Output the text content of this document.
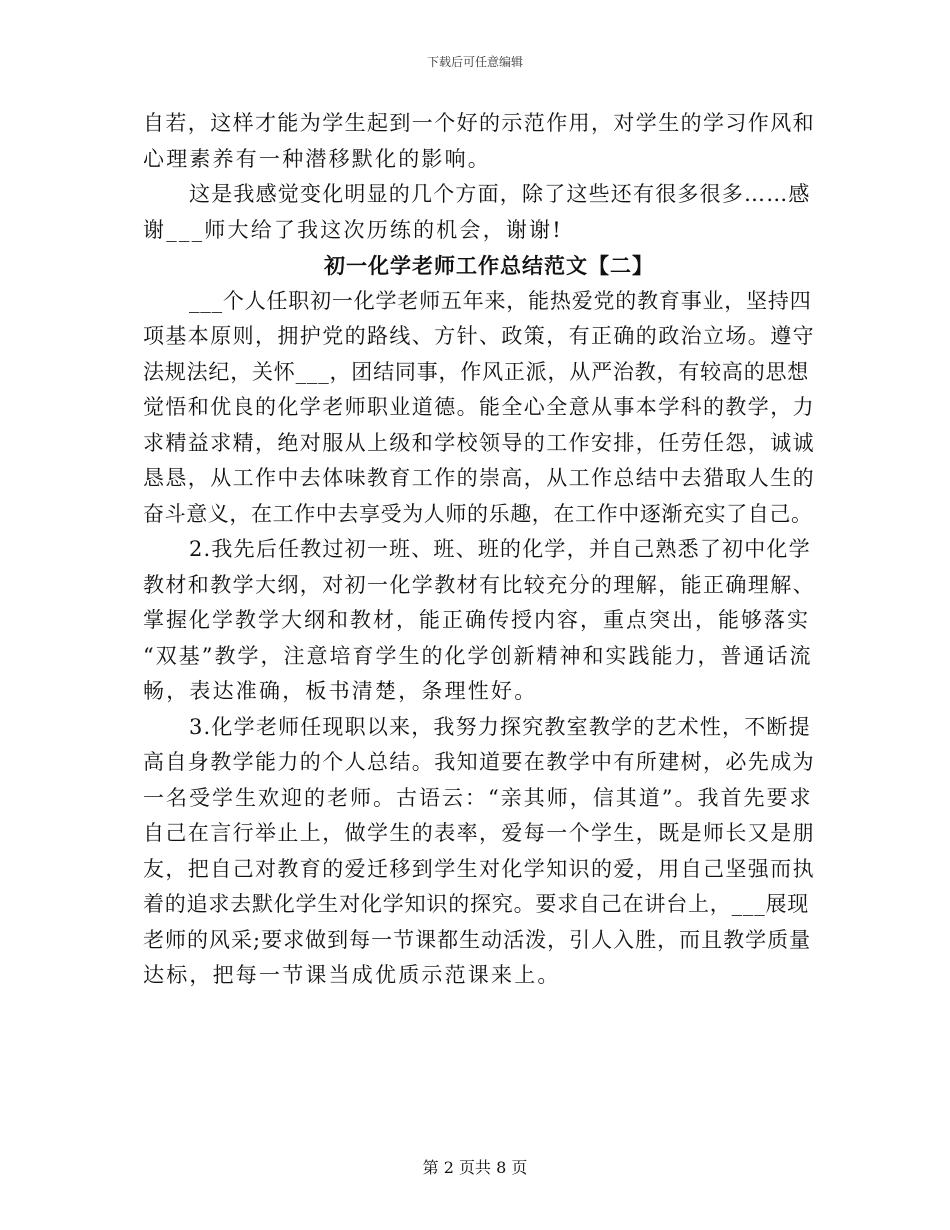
下载后可任意编辑
自若，这样才能为学生起到一个好的示范作用，对学生的学习作风和
心理素养有一种潜移默化的影响。
这是我感觉变化明显的几个方面，除了这些还有很多很多……感
谢___师大给了我这次历练的机会，谢谢!
初一化学老师工作总结范文【二】
___个人任职初一化学老师五年来，能热爱党的教育事业，坚持四
项基本原则，拥护党的路线、方针、政策，有正确的政治立场。遵守
法规法纪，关怀___，团结同事，作风正派，从严治教，有较高的思想
觉悟和优良的化学老师职业道德。能全心全意从事本学科的教学，力
求精益求精，绝对服从上级和学校领导的工作安排，任劳任怨，诚诚
恳恳，从工作中去体味教育工作的崇高，从工作总结中去猎取人生的
奋斗意义，在工作中去享受为人师的乐趣，在工作中逐渐充实了自己。
2.我先后任教过初一班、班、班的化学，并自己熟悉了初中化学
教材和教学大纲，对初一化学教材有比较充分的理解，能正确理解、
掌握化学教学大纲和教材，能正确传授内容，重点突出，能够落实
“双基”教学，注意培育学生的化学创新精神和实践能力，普通话流
畅，表达准确，板书清楚，条理性好。
3.化学老师任现职以来，我努力探究教室教学的艺术性，不断提
高自身教学能力的个人总结。我知道要在教学中有所建树，必先成为
一名受学生欢迎的老师。古语云：“亲其师，信其道”。我首先要求
自己在言行举止上，做学生的表率，爱每一个学生，既是师长又是朋
友，把自己对教育的爱迁移到学生对化学知识的爱，用自己坚强而执
着的追求去默化学生对化学知识的探究。要求自己在讲台上，___展现
老师的风采;要求做到每一节课都生动活泼，引人入胜，而且教学质量
达标，把每一节课当成优质示范课来上。
第 2 页共 8 页
